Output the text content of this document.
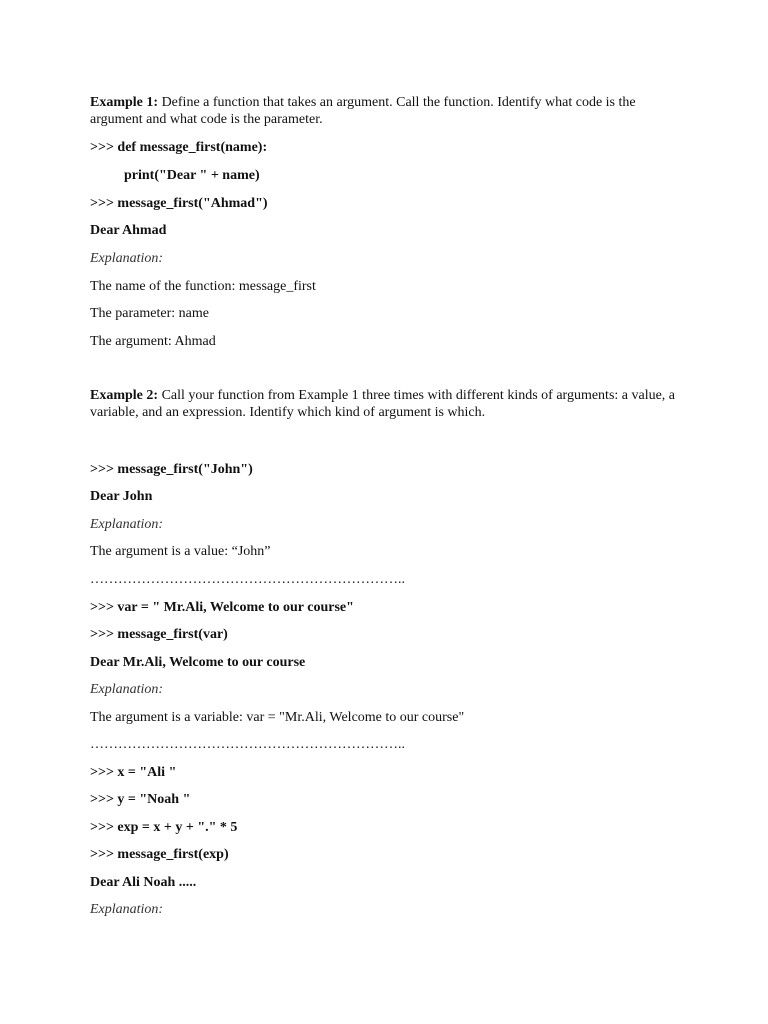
Example 1: Define a function that takes an argument. Call the function. Identify what code is the argument and what code is the parameter.
>>> def message_first(name):
print("Dear " + name)
>>> message_first("Ahmad")
Dear Ahmad
Explanation:
The name of the function: message_first
The parameter: name
The argument: Ahmad
Example 2: Call your function from Example 1 three times with different kinds of arguments: a value, a variable, and an expression. Identify which kind of argument is which.
>>> message_first("John")
Dear John
Explanation:
The argument is a value: “John”
…………………………………………………………..
>>> var = " Mr.Ali, Welcome to our course"
>>> message_first(var)
Dear Mr.Ali, Welcome to our course
Explanation:
The argument is a variable: var = "Mr.Ali, Welcome to our course"
…………………………………………………………..
>>> x = "Ali "
>>> y = "Noah "
>>> exp = x + y + "." * 5
>>> message_first(exp)
Dear Ali Noah .....
Explanation:
